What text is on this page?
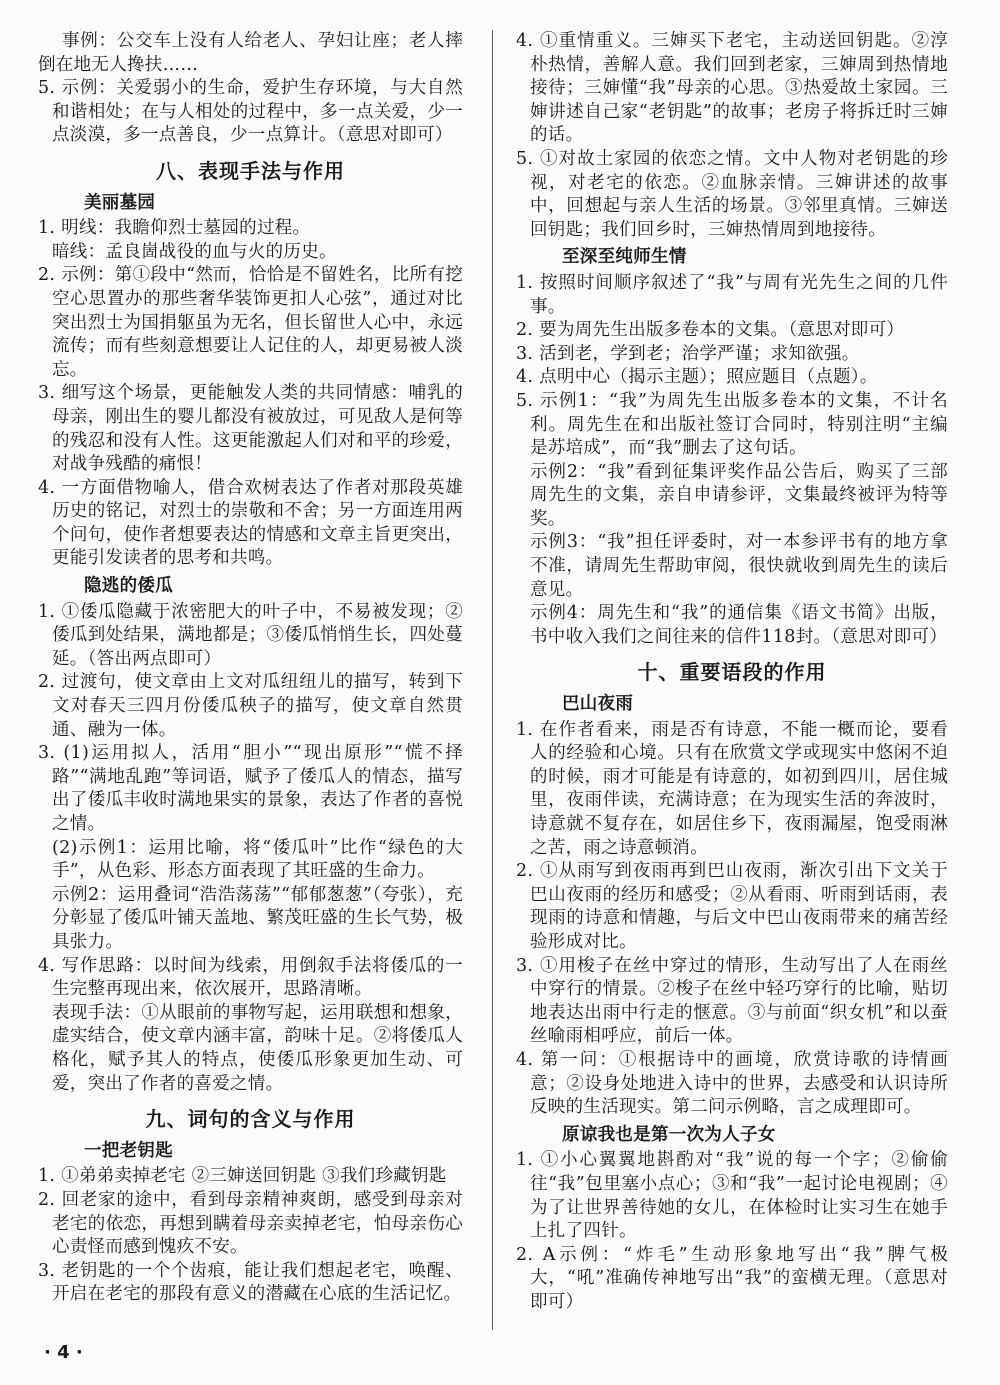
事例：公交车上没有人给老人、孕妇让座；老人摔倒在地无人搀扶……

5. 示例：关爱弱小的生命，爱护生存环境，与大自然和谐相处；在与人相处的过程中，多一点关爱，少一点淡漠，多一点善良，少一点算计。（意思对即可）

八、表现手法与作用
美丽墓园

1. 明线：我瞻仰烈士墓园的过程。

暗线：孟良崮战役的血与火的历史。

2. 示例：第①段中“然而，恰恰是不留姓名，比所有挖空心思置办的那些奢华装饰更扣人心弦”，通过对比突出烈士为国捐躯虽为无名，但长留世人心中，永远流传；而有些刻意想要让人记住的人，却更易被人淡忘。

3. 细写这个场景，更能触发人类的共同情感：哺乳的母亲，刚出生的婴儿都没有被放过，可见敌人是何等的残忍和没有人性。这更能激起人们对和平的珍爱，对战争残酷的痛恨！

4. 一方面借物喻人，借合欢树表达了作者对那段英雄历史的铭记，对烈士的崇敬和不舍；另一方面连用两个问句，使作者想要表达的情感和文章主旨更突出，更能引发读者的思考和共鸣。

隐逃的倭瓜

1. ①倭瓜隐藏于浓密肥大的叶子中，不易被发现；②倭瓜到处结果，满地都是；③倭瓜悄悄生长，四处蔓延。（答出两点即可）

2. 过渡句，使文章由上文对瓜纽纽儿的描写，转到下文对春天三四月份倭瓜秧子的描写，使文章自然贯通、融为一体。

3. (1)运用拟人，活用“胆小”“现出原形”“慌不择路”“满地乱跑”等词语，赋予了倭瓜人的情态，描写出了倭瓜丰收时满地果实的景象，表达了作者的喜悦之情。

(2)示例1：运用比喻，将“倭瓜叶”比作“绿色的大手”，从色彩、形态方面表现了其旺盛的生命力。

示例2：运用叠词“浩浩荡荡”“郁郁葱葱”（夸张），充分彰显了倭瓜叶铺天盖地、繁茂旺盛的生长气势，极具张力。

4. 写作思路：以时间为线索，用倒叙手法将倭瓜的一生完整再现出来，依次展开，思路清晰。

表现手法：①从眼前的事物写起，运用联想和想象，虚实结合，使文章内涵丰富，韵味十足。②将倭瓜人格化，赋予其人的特点，使倭瓜形象更加生动、可爱，突出了作者的喜爱之情。

九、词句的含义与作用
一把老钥匙

1. ①弟弟卖掉老宅 ②三婶送回钥匙 ③我们珍藏钥匙

2. 回老家的途中，看到母亲精神爽朗，感受到母亲对老宅的依恋，再想到瞒着母亲卖掉老宅，怕母亲伤心心责怪而感到愧疚不安。

3. 老钥匙的一个个齿痕，能让我们想起老宅，唤醒、开启在老宅的那段有意义的潜藏在心底的生活记忆。

4. ①重情重义。三婶买下老宅，主动送回钥匙。②淳朴热情，善解人意。我们回到老家，三婶周到热情地接待；三婶懂“我”母亲的心思。③热爱故土家园。三婶讲述自己家“老钥匙”的故事；老房子将拆迁时三婶的话。

5. ①对故土家园的依恋之情。文中人物对老钥匙的珍视，对老宅的依恋。②血脉亲情。三婶讲述的故事中，回想起与亲人生活的场景。③邻里真情。三婶送回钥匙；我们回乡时，三婶热情周到地接待。

至深至纯师生情

1. 按照时间顺序叙述了“我”与周有光先生之间的几件事。

2. 要为周先生出版多卷本的文集。（意思对即可）

3. 活到老，学到老；治学严谨；求知欲强。

4. 点明中心（揭示主题）；照应题目（点题）。

5. 示例1：“我”为周先生出版多卷本的文集，不计名利。周先生在和出版社签订合同时，特别注明“主编是苏培成”，而“我”删去了这句话。

示例2：“我”看到征集评奖作品公告后，购买了三部周先生的文集，亲自申请参评，文集最终被评为特等奖。

示例3：“我”担任评委时，对一本参评书有的地方拿不准，请周先生帮助审阅，很快就收到周先生的读后意见。

示例4：周先生和“我”的通信集《语文书简》出版，书中收入我们之间往来的信件118封。（意思对即可）

十、重要语段的作用
巴山夜雨

1. 在作者看来，雨是否有诗意，不能一概而论，要看人的经验和心境。只有在欣赏文学或现实中悠闲不迫的时候，雨才可能是有诗意的，如初到四川，居住城里，夜雨伴读，充满诗意；在为现实生活的奔波时，诗意就不复存在，如居住乡下，夜雨漏屋，饱受雨淋之苦，雨之诗意顿消。

2. ①从雨写到夜雨再到巴山夜雨，渐次引出下文关于巴山夜雨的经历和感受；②从看雨、听雨到话雨，表现雨的诗意和情趣，与后文中巴山夜雨带来的痛苦经验形成对比。

3. ①用梭子在丝中穿过的情形，生动写出了人在雨丝中穿行的情景。②梭子在丝中轻巧穿行的比喻，贴切地表达出雨中行走的惬意。③与前面“织女机”和以蚕丝喻雨相呼应，前后一体。

4. 第一问：①根据诗中的画境，欣赏诗歌的诗情画意；②设身处地进入诗中的世界，去感受和认识诗所反映的生活现实。第二问示例略，言之成理即可。

原谅我也是第一次为人子女

1. ①小心翼翼地斟酌对“我”说的每一个字；②偷偷往“我”包里塞小点心；③和“我”一起讨论电视剧；④为了让世界善待她的女儿，在体检时让实习生在她手上扎了四针。

2. A示例：“炸毛”生动形象地写出“我”脾气极大，“吼”准确传神地写出“我”的蛮横无理。（意思对即可）

· 4 ·
